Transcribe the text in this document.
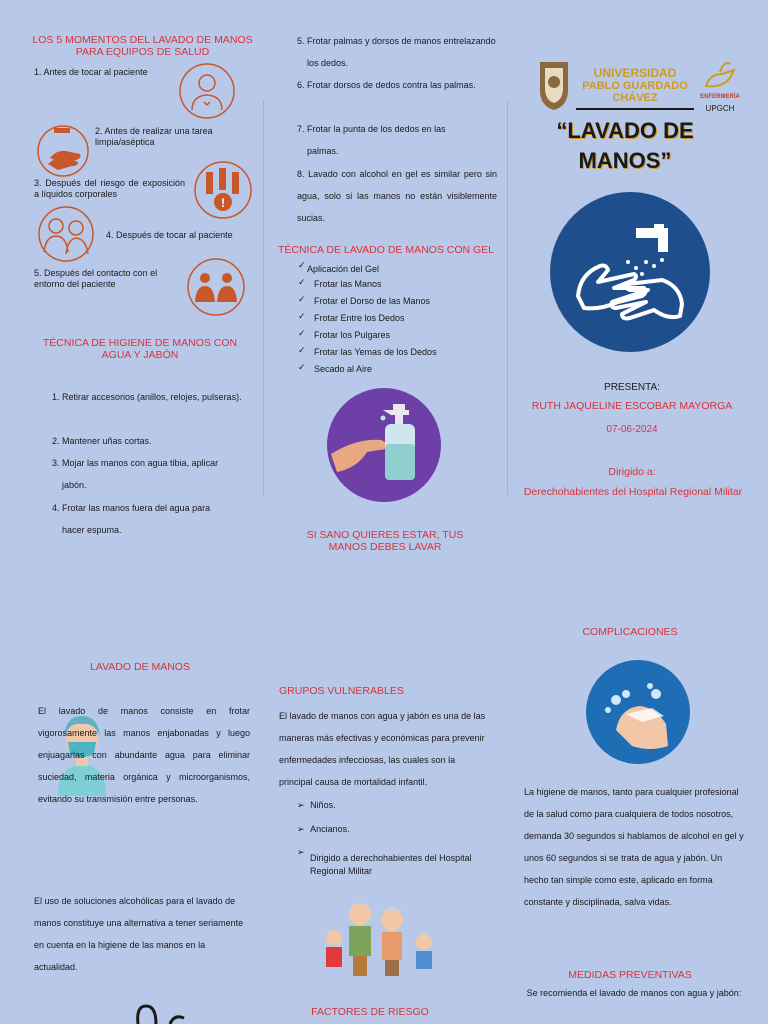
LOS 5 MOMENTOS DEL LAVADO DE MANOS PARA EQUIPOS DE SALUD
1. Antes de tocar al paciente
2. Antes de realizar una tarea limpia/aséptica
3. Después del riesgo de exposición a líquidos corporales
!
4. Después de tocar al paciente
5. Después del contacto con el entorno del paciente
TÉCNICA DE HIGIENE DE MANOS CON AGUA Y JABÓN
1. Retirar accesorios (anillos, relojes, pulseras).
2. Mantener uñas cortas.
3. Mojar las manos con agua tibia, aplicar jabón.
4. Frotar las manos fuera del agua para hacer espuma.
LAVADO DE MANOS
El lavado de manos consiste en frotar vigorosamente las manos enjabonadas y luego enjuagarlas con abundante agua para eliminar suciedad, materia orgánica y microorganismos, evitando su transmisión entre personas.
El uso de soluciones alcohólicas para el lavado de manos constituye una alternativa a tener seriamente en cuenta en la higiene de las manos en la actualidad.
5. Frotar palmas y dorsos de manos entrelazando los dedos.
6. Frotar dorsos de dedos contra las palmas.
7. Frotar la punta de los dedos en las palmas.
8. Lavado con alcohol en gel es similar pero sin agua, solo si las manos no están visiblemente sucias.
TÉCNICA DE LAVADO DE MANOS CON GEL
✓ Aplicación del Gel
✓ Frotar las Manos
✓ Frotar el Dorso de las Manos
✓ Frotar Entre los Dedos
✓ Frotar los Pulgares
✓ Frotar las Yemas de los Dedos
✓ Secado al Aire
SI SANO QUIERES ESTAR, TUS MANOS DEBES LAVAR
GRUPOS VULNERABLES
El lavado de manos con agua y jabón es una de las maneras más efectivas y económicas para prevenir enfermedades infecciosas, las cuales son la principal causa de mortalidad infantil.
➢ Niños.
➢ Ancianos.
➢
Dirigido a derechohabientes del Hospital Regional Militar
FACTORES DE RIESGO
UNIVERSIDAD
PABLO GUARDADO CHÁVEZ	ENFERMERÍA
UPGCH
“LAVADO DE
MANOS”
PRESENTA:
RUTH JAQUELINE ESCOBAR MAYORGA
07-06-2024
Dirigido a:
Derechohabientes del Hospital Regional Militar
COMPLICACIONES
La higiene de manos, tanto para cualquier profesional de la salud como para cualquiera de todos nosotros, demanda 30 segundos si hablamos de alcohol en gel y unos 60 segundos si se trata de agua y jabón. Un hecho tan simple como este, aplicado en forma constante y disciplinada, salva vidas.
MEDIDAS PREVENTIVAS
Se recomienda el lavado de manos con agua y jabón:
